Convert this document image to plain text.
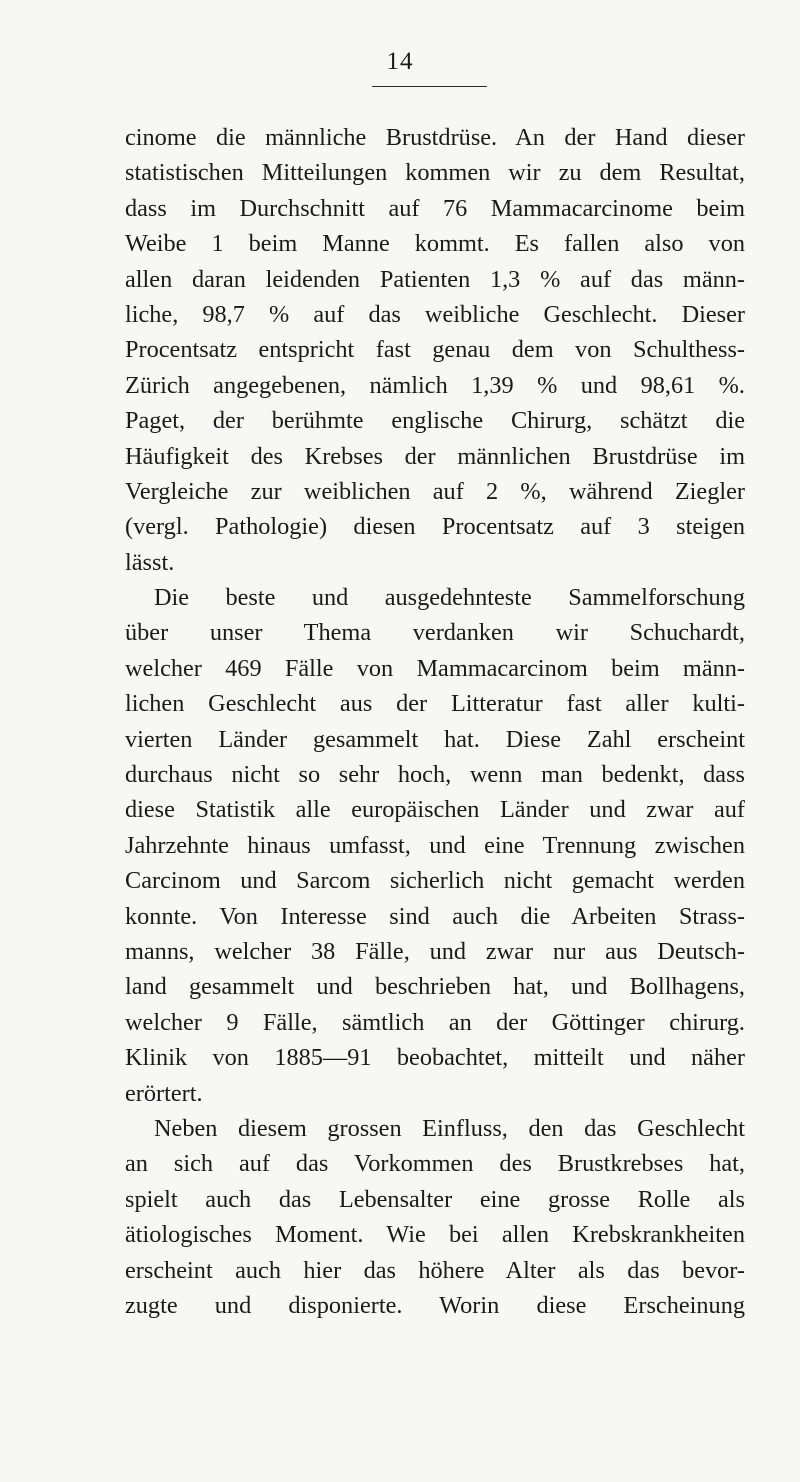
14
cinome die männliche Brustdrüse. An der Hand dieser
statistischen Mitteilungen kommen wir zu dem Resultat,
dass im Durchschnitt auf 76 Mammacarcinome beim
Weibe 1 beim Manne kommt. Es fallen also von
allen daran leidenden Patienten 1,3 % auf das männ-
liche, 98,7 % auf das weibliche Geschlecht. Dieser
Procentsatz entspricht fast genau dem von Schulthess-
Zürich angegebenen, nämlich 1,39 % und 98,61 %.
Paget, der berühmte englische Chirurg, schätzt die
Häufigkeit des Krebses der männlichen Brustdrüse im
Vergleiche zur weiblichen auf 2 %, während Ziegler
(vergl. Pathologie) diesen Procentsatz auf 3 steigen
lässt.
Die beste und ausgedehnteste Sammelforschung
über unser Thema verdanken wir Schuchardt,
welcher 469 Fälle von Mammacarcinom beim männ-
lichen Geschlecht aus der Litteratur fast aller kulti-
vierten Länder gesammelt hat. Diese Zahl erscheint
durchaus nicht so sehr hoch, wenn man bedenkt, dass
diese Statistik alle europäischen Länder und zwar auf
Jahrzehnte hinaus umfasst, und eine Trennung zwischen
Carcinom und Sarcom sicherlich nicht gemacht werden
konnte. Von Interesse sind auch die Arbeiten Strass-
manns, welcher 38 Fälle, und zwar nur aus Deutsch-
land gesammelt und beschrieben hat, und Bollhagens,
welcher 9 Fälle, sämtlich an der Göttinger chirurg.
Klinik von 1885—91 beobachtet, mitteilt und näher
erörtert.
Neben diesem grossen Einfluss, den das Geschlecht
an sich auf das Vorkommen des Brustkrebses hat,
spielt auch das Lebensalter eine grosse Rolle als
ätiologisches Moment. Wie bei allen Krebskrankheiten
erscheint auch hier das höhere Alter als das bevor-
zugte und disponierte. Worin diese Erscheinung
